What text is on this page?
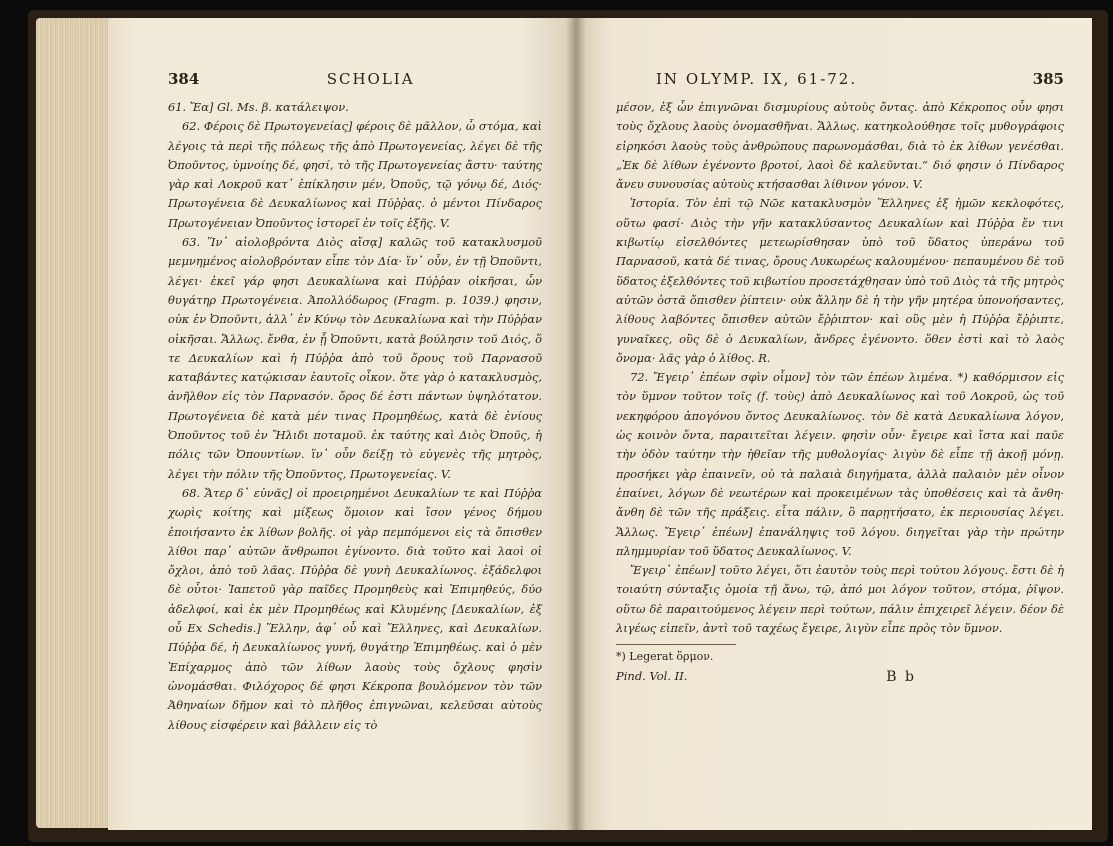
384	SCHOLIA

61. Ἔα] Gl. Ms. β. κατάλειψον.

62. Φέροις δὲ Πρωτογενείας] φέροις δὲ μᾶλλον, ὦ στόμα, καὶ λέγοις τὰ περὶ τῆς πόλεως τῆς ἀπὸ Πρωτογενείας, λέγει δὲ τῆς Ὀποῦντος, ὑμνοίης δέ, φησί, τὸ τῆς Πρωτογενείας ἄστυ· ταύτης γὰρ καὶ Λοκροῦ κατ᾽ ἐπίκλησιν μέν, Ὀποῦς, τῷ γόνῳ δέ, Διός· Πρωτογένεια δὲ Δευκαλίωνος καὶ Πύῤῥας. ὁ μέντοι Πίνδαρος Πρωτογένειαν Ὀποῦντος ἱστορεῖ ἐν τοῖς ἑξῆς. V.

63. Ἵν᾽ αἰολοβρόντα Διὸς αἴσᾳ] καλῶς τοῦ κατακλυσμοῦ μεμνημένος αἰολοβρόνταν εἶπε τὸν Δία· ἵν᾽ οὖν, ἐν τῇ Ὀποῦντι, λέγει· ἐκεῖ γάρ φησι Δευκαλίωνα καὶ Πύῤῥαν οἰκῆσαι, ὧν θυγάτηρ Πρωτογένεια. Ἀπολλόδωρος (Fragm. p. 1039.) φησιν, οὐκ ἐν Ὀποῦντι, ἀλλ᾽ ἐν Κύνῳ τὸν Δευκαλίωνα καὶ τὴν Πύῤῥαν οἰκῆσαι. Ἄλλως. ἔνθα, ἐν ᾗ Ὀποῦντι, κατὰ βούλησιν τοῦ Διός, ὅ τε Δευκαλίων καὶ ἡ Πύῤῥα ἀπὸ τοῦ ὄρους τοῦ Παρνασοῦ καταβάντες κατῴκισαν ἑαυτοῖς οἶκον. ὅτε γὰρ ὁ κατακλυσμὸς, ἀνῆλθον εἰς τὸν Παρνασόν. ὄρος δέ ἐστι πάντων ὑψηλότατον. Πρωτογένεια δὲ κατὰ μέν τινας Προμηθέως, κατὰ δὲ ἐνίους Ὀποῦντος τοῦ ἐν Ἤλιδι ποταμοῦ. ἐκ ταύτης καὶ Διὸς Ὀποῦς, ἡ πόλις τῶν Ὀπουντίων. ἵν᾽ οὖν δείξῃ τὸ εὐγενὲς τῆς μητρὸς, λέγει τὴν πόλιν τῆς Ὀποῦντος, Πρωτογενείας. V.

68. Ἄτερ δ᾽ εὐνᾶς] οἱ προειρημένοι Δευκαλίων τε καὶ Πύῤῥα χωρὶς κοίτης καὶ μίξεως ὅμοιον καὶ ἴσον γένος δήμου ἐποιήσαντο ἐκ λίθων βολῆς. οἱ γὰρ πεμπόμενοι εἰς τὰ ὄπισθεν λίθοι παρ᾽ αὐτῶν ἄνθρωποι ἐγίνοντο. διὰ τοῦτο καὶ λαοὶ οἱ ὄχλοι, ἀπὸ τοῦ λᾶας. Πύῤῥα δὲ γυνὴ Δευκαλίωνος. ἐξάδελφοι δὲ οὗτοι· Ἰαπετοῦ γὰρ παῖδες Προμηθεὺς καὶ Ἐπιμηθεύς, δύο ἀδελφοί, καὶ ἐκ μὲν Προμηθέως καὶ Κλυμένης [Δευκαλίων, ἐξ οὗ Ex Schedis.] Ἕλλην, ἀφ᾽ οὗ καὶ Ἕλληνες, καὶ Δευκαλίων. Πύῤῥα δέ, ἡ Δευκαλίωνος γυνή, θυγάτηρ Ἐπιμηθέως. καὶ ὁ μὲν Ἐπίχαρμος ἀπὸ τῶν λίθων λαοὺς τοὺς ὄχλους φησὶν ὠνομάσθαι. Φιλόχορος δέ φησι Κέκροπα βουλόμενον τὸν τῶν Ἀθηναίων δῆμον καὶ τὸ πλῆθος ἐπιγνῶναι, κελεῦσαι αὐτοὺς λίθους εἰσφέρειν καὶ βάλλειν εἰς τὸ

IN OLYMP. IX, 61-72.	385

μέσον, ἐξ ὧν ἐπιγνῶναι δισμυρίους αὐτοὺς ὄντας. ἀπὸ Κέκροπος οὖν φησι τοὺς ὄχλους λαοὺς ὀνομασθῆναι. Ἄλλως. κατηκολούθησε τοῖς μυθογράφοις εἰρηκόσι λαοὺς τοὺς ἀνθρώπους παρωνομάσθαι, διὰ τὸ ἐκ λίθων γενέσθαι. „Ἐκ δὲ λίθων ἐγένοντο βροτοί, λαοὶ δὲ καλεῦνται.“ διό φησιν ὁ Πίνδαρος ἄνευ συνουσίας αὐτοὺς κτήσασθαι λίθινον γόνον. V.

Ἱστορία. Τὸν ἐπὶ τῷ Νῶε κατακλυσμὸν Ἕλληνες ἐξ ἡμῶν κεκλοφότες, οὕτω φασί· Διὸς τὴν γῆν κατακλύσαντος Δευκαλίων καὶ Πύῤῥα ἔν τινι κιβωτίῳ εἰσελθόντες μετεωρίσθησαν ὑπὸ τοῦ ὕδατος ὑπεράνω τοῦ Παρνασοῦ, κατὰ δέ τινας, ὄρους Λυκωρέως καλουμένου· πεπαυμένου δὲ τοῦ ὕδατος ἐξελθόντες τοῦ κιβωτίου προσετάχθησαν ὑπὸ τοῦ Διὸς τὰ τῆς μητρὸς αὐτῶν ὀστᾶ ὄπισθεν ῥίπτειν· οὐκ ἄλλην δὲ ἡ τὴν γῆν μητέρα ὑπονοήσαντες, λίθους λαβόντες ὄπισθεν αὐτῶν ἔῤῥιπτον· καὶ οὓς μὲν ἡ Πύῤῥα ἔῤῥιπτε, γυναῖκες, οὓς δὲ ὁ Δευκαλίων, ἄνδρες ἐγένοντο. ὅθεν ἐστὶ καὶ τὸ λαὸς ὄνομα· λᾶς γὰρ ὁ λίθος. R.

72. Ἔγειρ᾽ ἐπέων σφὶν οἶμον] τὸν τῶν ἐπέων λιμένα. *) καθόρμισον εἰς τὸν ὕμνον τοῦτον τοῖς (f. τοὺς) ἀπὸ Δευκαλίωνος καὶ τοῦ Λοκροῦ, ὡς τοῦ νεκηφόρου ἀπογόνου ὄντος Δευκαλίωνος. τὸν δὲ κατὰ Δευκαλίωνα λόγον, ὡς κοινὸν ὄντα, παραιτεῖται λέγειν. φησὶν οὖν· ἔγειρε καὶ ἴστα καὶ παῦε τὴν ὁδὸν ταύτην τὴν ἠθεῖαν τῆς μυθολογίας· λιγὺν δὲ εἶπε τῇ ἀκοῇ μόνῃ. προσήκει γὰρ ἐπαινεῖν, οὐ τὰ παλαιὰ διηγήματα, ἀλλὰ παλαιὸν μὲν οἶνον ἐπαίνει, λόγων δὲ νεωτέρων καὶ προκειμένων τὰς ὑποθέσεις καὶ τὰ ἄνθη· ἄνθη δὲ τῶν τῆς πράξεις. εἶτα πάλιν, ὃ παρῃτήσατο, ἐκ περιουσίας λέγει. Ἄλλως. Ἔγειρ᾽ ἐπέων] ἐπανάληψις τοῦ λόγου. διηγεῖται γὰρ τὴν πρώτην πλημμυρίαν τοῦ ὕδατος Δευκαλίωνος. V.

Ἔγειρ᾽ ἐπέων] τοῦτο λέγει, ὅτι ἑαυτὸν τοὺς περὶ τούτου λόγους. ἔστι δὲ ἡ τοιαύτη σύνταξις ὁμοία τῇ ἄνω, τῷ, ἀπό μοι λόγον τοῦτον, στόμα, ῥῖψον. οὕτω δὲ παραιτούμενος λέγειν περὶ τούτων, πάλιν ἐπιχειρεῖ λέγειν. δέον δὲ λιγέως εἰπεῖν, ἀντὶ τοῦ ταχέως ἔγειρε, λιγὺν εἶπε πρὸς τὸν ὕμνον.

*) Legerat ὅρμον.
Pind. Vol. II.	B b
